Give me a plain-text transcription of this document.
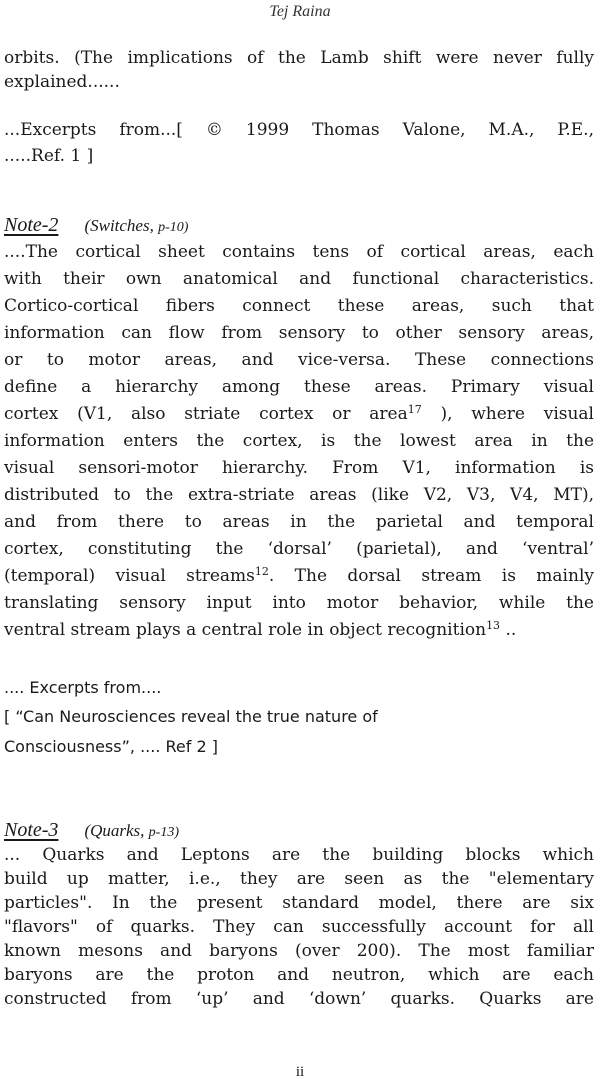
Tej Raina
orbits. (The implications of the Lamb shift were never fully
explained......
...Excerpts from...[ © 1999 Thomas Valone, M.A., P.E.,
.....Ref. 1 ]
Note-2 (Switches, p-10)
....The cortical sheet contains tens of cortical areas, each
with their own anatomical and functional characteristics.
Cortico-cortical fibers connect these areas, such that
information can flow from sensory to other sensory areas,
or to motor areas, and vice-versa. These connections
define a hierarchy among these areas. Primary visual
cortex (V1, also striate cortex or area$^{17}$ ), where visual
information enters the cortex, is the lowest area in the
visual sensori-motor hierarchy. From V1, information is
distributed to the extra-striate areas (like V2, V3, V4, MT),
and from there to areas in the parietal and temporal
cortex, constituting the ‘dorsal’ (parietal), and ‘ventral’
(temporal) visual streams$^{12}$. The dorsal stream is mainly
translating sensory input into motor behavior, while the
ventral stream plays a central role in object recognition$^{13}$ ..
.... Excerpts from....
[ “Can Neurosciences reveal the true nature of
Consciousness”, .... Ref 2 ]
Note-3 (Quarks, p-13)
... Quarks and Leptons are the building blocks which
build up matter, i.e., they are seen as the "elementary
particles". In the present standard model, there are six
"flavors" of quarks. They can successfully account for all
known mesons and baryons (over 200). The most familiar
baryons are the proton and neutron, which are each
constructed from ‘up’ and ‘down’ quarks. Quarks are
ii
